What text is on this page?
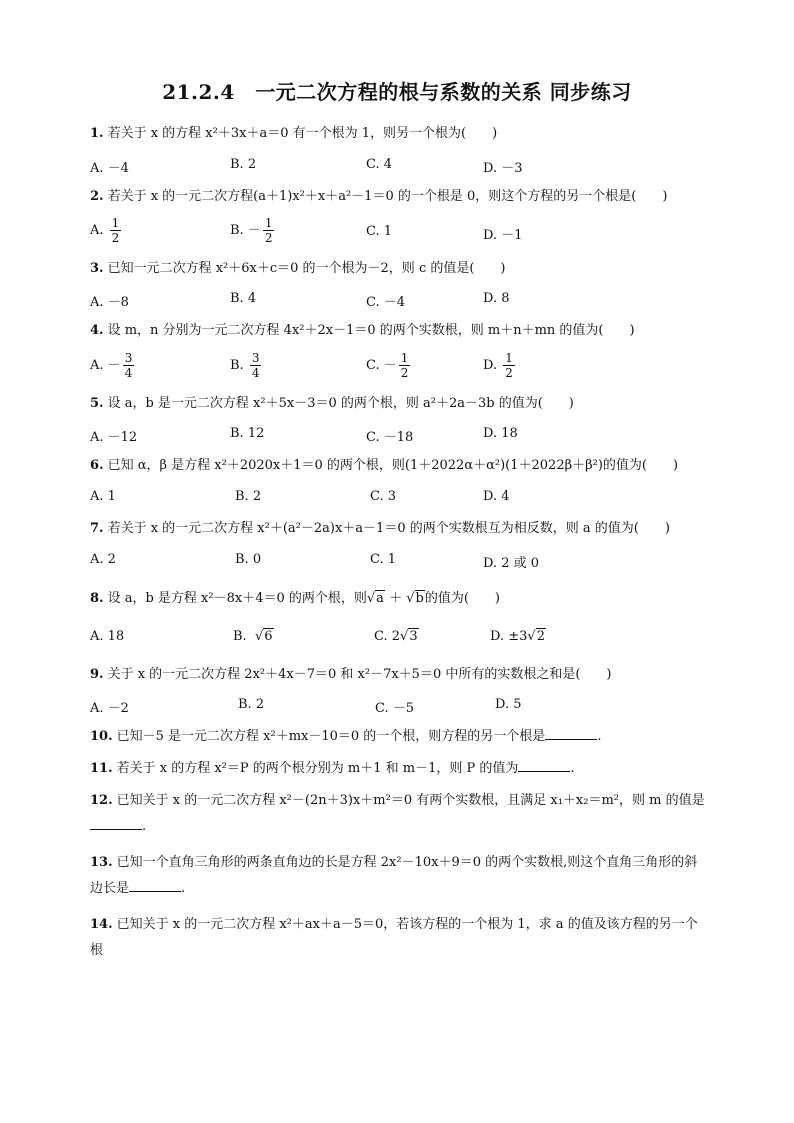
21.2.4　一元二次方程的根与系数的关系 同步练习
1. 若关于 x 的方程 x²＋3x＋a＝0 有一个根为 1，则另一个根为(　　)
A. －4	B. 2	C. 4	D. －3
2. 若关于 x 的一元二次方程(a＋1)x²＋x＋a²－1＝0 的一个根是 0，则这个方程的另一个根是(　　)
A. $\frac{1}{2}$	B. － $\frac{1}{2}$	C. 1	D. －1
3. 已知一元二次方程 x²＋6x＋c＝0 的一个根为－2，则 c 的值是(　　)
A. －8	B. 4	C. －4	D. 8
4. 设 m，n 分别为一元二次方程 4x²＋2x－1＝0 的两个实数根，则 m＋n＋mn 的值为(　　)
A. － $\frac{3}{4}$	B. $\frac{3}{4}$	C. － $\frac{1}{2}$	D. $\frac{1}{2}$
5. 设 a，b 是一元二次方程 x²＋5x－3＝0 的两个根，则 a²＋2a－3b 的值为(　　)
A. －12	B. 12	C. －18	D. 18
6. 已知 α，β 是方程 x²＋2020x＋1＝0 的两个根，则(1＋2022α＋α²)(1＋2022β＋β²)的值为(　　)
A. 1	B. 2	C. 3	D. 4
7. 若关于 x 的一元二次方程 x²＋(a²－2a)x＋a－1＝0 的两个实数根互为相反数，则 a 的值为(　　)
A. 2	B. 0	C. 1	D. 2 或 0
8. 设 a，b 是方程 x²－8x＋4＝0 的两个根，则√a ＋ √b的值为(　　)
A. 18	B. √6	C. 2√3	D. ±3√2
9. 关于 x 的一元二次方程 2x²＋4x－7＝0 和 x²－7x＋5＝0 中所有的实数根之和是(　　)
A. －2	B. 2	C. －5	D. 5
10. 已知－5 是一元二次方程 x²＋mx－10＝0 的一个根，则方程的另一个根是	.
11. 若关于 x 的方程 x²＝P 的两个根分别为 m＋1 和 m－1，则 P 的值为	.
12. 已知关于 x 的一元二次方程 x²－(2n＋3)x＋m²＝0 有两个实数根，且满足 x₁＋x₂＝m²，则 m 的值是.
13. 已知一个直角三角形的两条直角边的长是方程 2x²－10x＋9＝0 的两个实数根,则这个直角三角形的斜边长是	.
14. 已知关于 x 的一元二次方程 x²＋ax＋a－5＝0，若该方程的一个根为 1，求 a 的值及该方程的另一个根
